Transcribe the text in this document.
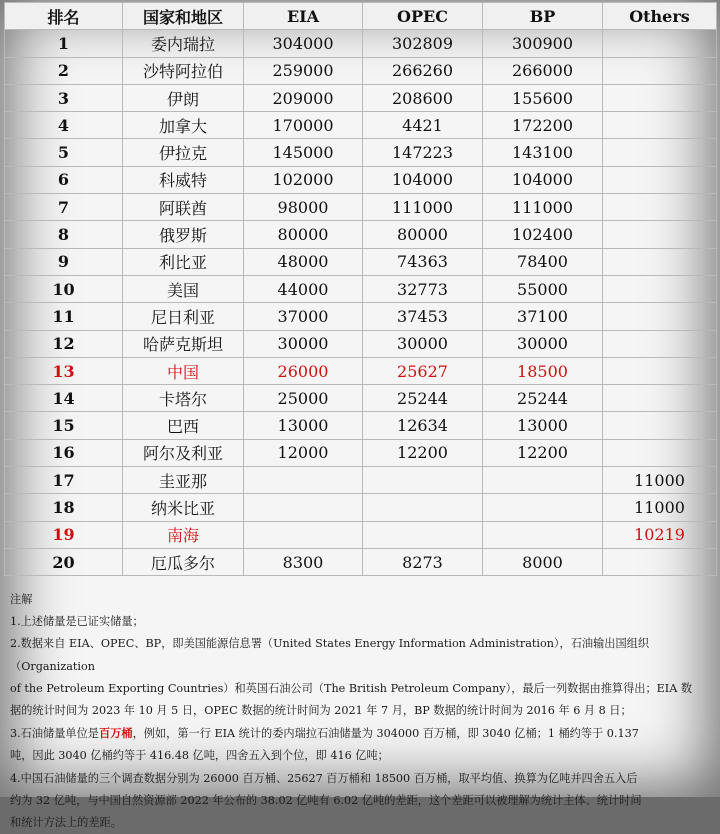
排名	国家和地区	EIA	OPEC	BP	Others
1	委内瑞拉	304000	302809	300900	
2	沙特阿拉伯	259000	266260	266000	
3	伊朗	209000	208600	155600	
4	加拿大	170000	4421	172200	
5	伊拉克	145000	147223	143100	
6	科威特	102000	104000	104000	
7	阿联酋	98000	111000	111000	
8	俄罗斯	80000	80000	102400	
9	利比亚	48000	74363	78400	
10	美国	44000	32773	55000	
11	尼日利亚	37000	37453	37100	
12	哈萨克斯坦	30000	30000	30000	
13	中国	26000	25627	18500	
14	卡塔尔	25000	25244	25244	
15	巴西	13000	12634	13000	
16	阿尔及利亚	12000	12200	12200	
17	圭亚那				11000
18	纳米比亚				11000
19	南海				10219
20	厄瓜多尔	8300	8273	8000	

注解

1.上述储量是已证实储量；

2.数据来自 EIA、OPEC、BP，即美国能源信息署（United States Energy Information Administration），石油输出国组织（Organization

of the Petroleum Exporting Countries）和英国石油公司（The British Petroleum Company），最后一列数据由推算得出；EIA 数

据的统计时间为 2023 年 10 月 5 日，OPEC 数据的统计时间为 2021 年 7 月，BP 数据的统计时间为 2016 年 6 月 8 日；

3.石油储量单位是百万桶，例如，第一行 EIA 统计的委内瑞拉石油储量为 304000 百万桶，即 3040 亿桶；1 桶约等于 0.137

吨，因此 3040 亿桶约等于 416.48 亿吨，四舍五入到个位，即 416 亿吨；

4.中国石油储量的三个调查数据分别为 26000 百万桶、25627 百万桶和 18500 百万桶，取平均值、换算为亿吨并四舍五入后

约为 32 亿吨，与中国自然资源部 2022 年公布的 38.02 亿吨有 6.02 亿吨的差距，这个差距可以被理解为统计主体、统计时间

和统计方法上的差距。
